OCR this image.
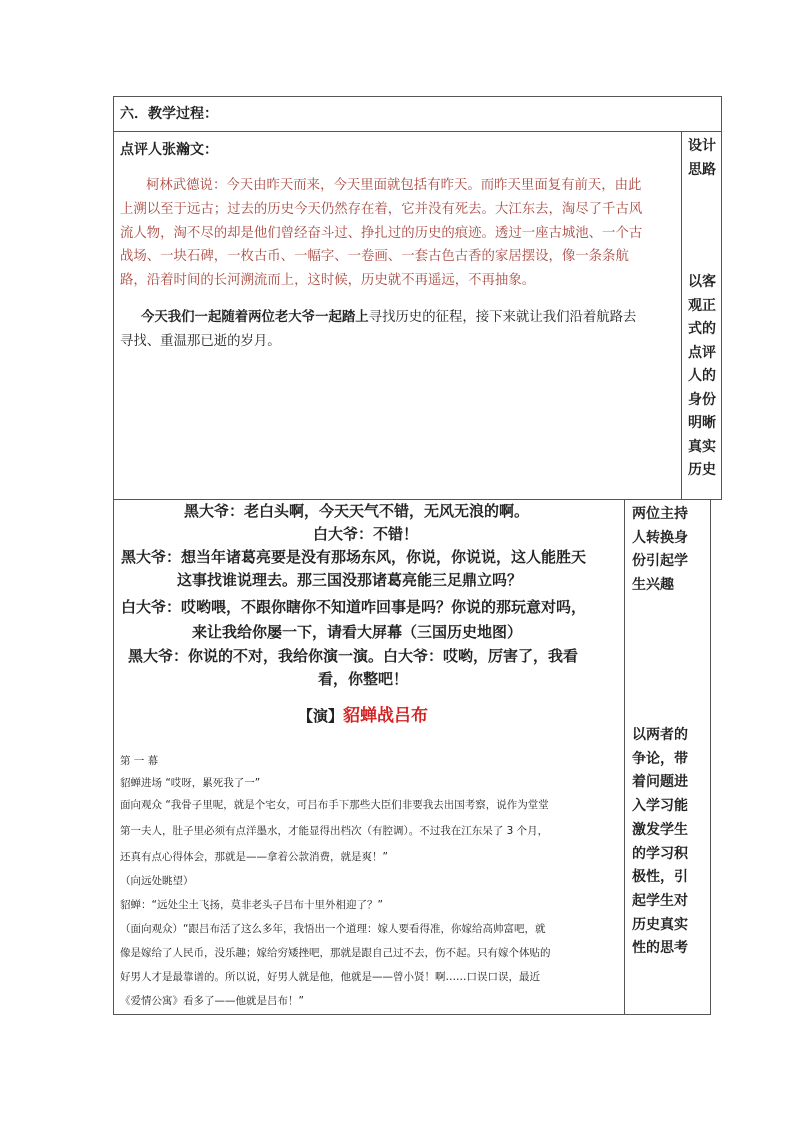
六．教学过程：
点评人张瀚文：
柯林武德说：今天由昨天而来，今天里面就包括有昨天。而昨天里面复有前天，由此
上溯以至于远古；过去的历史今天仍然存在着，它并没有死去。大江东去，淘尽了千古风
流人物，淘不尽的却是他们曾经奋斗过、挣扎过的历史的痕迹。透过一座古城池、一个古
战场、一块石碑，一枚古币、一幅字、一卷画、一套古色古香的家居摆设，像一条条航
路，沿着时间的长河溯流而上，这时候，历史就不再遥远，不再抽象。
今天我们一起随着两位老大爷一起踏上寻找历史的征程，接下来就让我们沿着航路去
寻找、重温那已逝的岁月。
设计
思路
以客
观正
式的
点评
人的
身份
明晰
真实
历史
黑大爷：老白头啊，今天天气不错，无风无浪的啊。
白大爷：不错！
黑大爷：想当年诸葛亮要是没有那场东风，你说，你说说，这人能胜天
这事找谁说理去。那三国没那诸葛亮能三足鼎立吗？
白大爷：哎哟喂，不跟你瞎你不知道咋回事是吗？你说的那玩意对吗，
来让我给你屡一下，请看大屏幕（三国历史地图）
黑大爷：你说的不对，我给你演一演。白大爷：哎哟，厉害了，我看
看，你整吧！
【演】貂蝉战吕布
第 一 幕
貂蝉进场 “哎呀，累死我了一”
面向观众 “我骨子里呢，就是个宅女，可吕布手下那些大臣们非要我去出国考察，说作为堂堂
第一夫人，肚子里必须有点洋墨水，才能显得出档次（有腔调）。不过我在江东呆了 3 个月，
还真有点心得体会，那就是——拿着公款消费，就是爽！”
（向远处眺望）
貂蝉：“远处尘土飞扬，莫非老头子吕布十里外相迎了？”
（面向观众）“跟吕布活了这么多年，我悟出一个道理：嫁人要看得准，你嫁给高帅富吧，就
像是嫁给了人民币，没乐趣；嫁给穷矮挫吧，那就是跟自己过不去，伤不起。只有嫁个体贴的
好男人才是最靠谱的。所以说，好男人就是他，他就是——曾小贤！啊……口误口误，最近
《爱情公寓》看多了——他就是吕布！”
两位主持
人转换身
份引起学
生兴趣
以两者的
争论，带
着问题进
入学习能
激发学生
的学习积
极性，引
起学生对
历史真实
性的思考
